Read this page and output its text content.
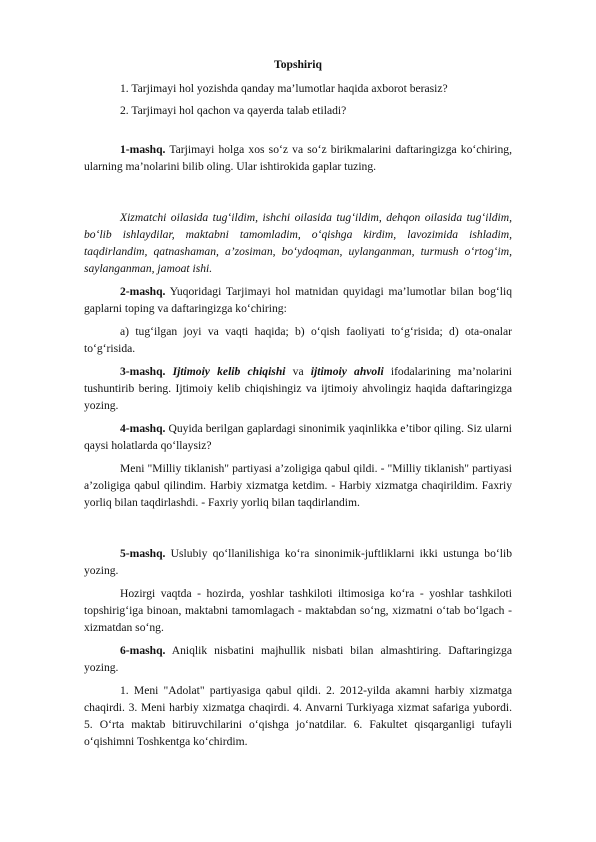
Topshiriq

1. Tarjimayi hol yozishda qanday ma’lumotlar haqida axborot berasiz?

2. Tarjimayi hol qachon va qayerda talab etiladi?

1-mashq. Tarjimayi holga xos so‘z va so‘z birikmalarini daftaringizga ko‘chiring, ularning ma’nolarini bilib oling. Ular ishtirokida gaplar tuzing.

Xizmatchi oilasida tug‘ildim, ishchi oilasida tug‘ildim, dehqon oilasida tug‘ildim, bo‘lib ishlaydilar, maktabni tamomladim, o‘qishga kirdim, lavozimida ishladim, taqdirlandim, qatnashaman, a’zosiman, bo‘ydoqman, uylanganman, turmush o‘rtog‘im, saylanganman, jamoat ishi.

2-mashq. Yuqoridagi Tarjimayi hol matnidan quyidagi ma’lumotlar bilan bog‘liq gaplarni toping va daftaringizga ko‘chiring:

a) tug‘ilgan joyi va vaqti haqida; b) o‘qish faoliyati to‘g‘risida; d) ota-onalar to‘g‘risida.

3-mashq. Ijtimoiy kelib chiqishi va ijtimoiy ahvoli ifodalarining ma’nolarini tushuntirib bering. Ijtimoiy kelib chiqishingiz va ijtimoiy ahvolingiz haqida daftaringizga yozing.

4-mashq. Quyida berilgan gaplardagi sinonimik yaqinlikka e’tibor qiling. Siz ularni qaysi holatlarda qo‘llaysiz?

Meni "Milliy tiklanish" partiyasi a’zoligiga qabul qildi. - "Milliy tiklanish" partiyasi a’zoligiga qabul qilindim. Harbiy xizmatga ketdim. - Harbiy xizmatga chaqirildim. Faxriy yorliq bilan taqdirlashdi. - Faxriy yorliq bilan taqdirlandim.

5-mashq. Uslubiy qo‘llanilishiga ko‘ra sinonimik-juftliklarni ikki ustunga bo‘lib yozing.

Hozirgi vaqtda - hozirda, yoshlar tashkiloti iltimosiga ko‘ra - yoshlar tashkiloti topshirig‘iga binoan, maktabni tamomlagach - maktabdan so‘ng, xizmatni o‘tab bo‘lgach -xizmatdan so‘ng.

6-mashq. Aniqlik nisbatini majhullik nisbati bilan almashtiring. Daftaringizga yozing.

1. Meni "Adolat" partiyasiga qabul qildi. 2. 2012-yilda akamni harbiy xizmatga chaqirdi. 3. Meni harbiy xizmatga chaqirdi. 4. Anvarni Turkiyaga xizmat safariga yubordi. 5. O‘rta maktab bitiruvchilarini o‘qishga jo‘natdilar. 6. Fakultet qisqarganligi tufayli o‘qishimni Toshkentga ko‘chirdim.
